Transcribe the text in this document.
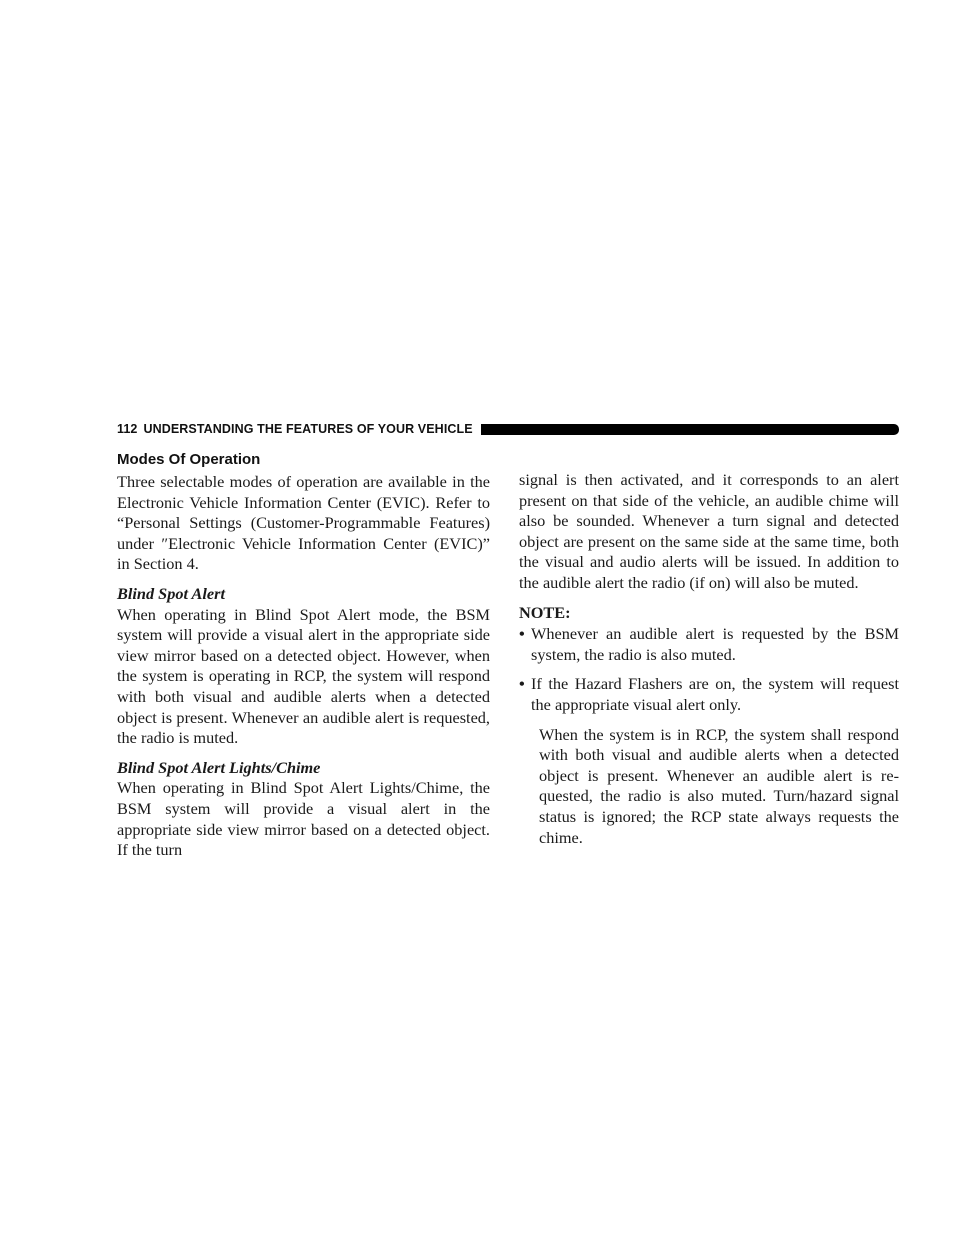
112 UNDERSTANDING THE FEATURES OF YOUR VEHICLE
Modes Of Operation

Three selectable modes of operation are available in the Electronic Vehicle Information Center (EVIC). Refer to “Personal Settings (Customer-Programmable Features) under ″Electronic Vehicle Information Center (EVIC)” in Section 4.

Blind Spot Alert

When operating in Blind Spot Alert mode, the BSM system will provide a visual alert in the appropriate side view mirror based on a detected object. However, when the system is operating in RCP, the system will respond with both visual and audible alerts when a detected object is present. Whenever an audible alert is requested, the radio is muted.

Blind Spot Alert Lights/Chime

When operating in Blind Spot Alert Lights/Chime, the BSM system will provide a visual alert in the appropriate side view mirror based on a detected object. If the turn

signal is then activated, and it corresponds to an alert present on that side of the vehicle, an audible chime will also be sounded. Whenever a turn signal and detected object are present on the same side at the same time, both the visual and audio alerts will be issued. In addition to the audible alert the radio (if on) will also be muted.

NOTE:

• Whenever an audible alert is requested by the BSM system, the radio is also muted.
• If the Hazard Flashers are on, the system will request the appropriate visual alert only.

When the system is in RCP, the system shall respond with both visual and audible alerts when a detected object is present. Whenever an audible alert is re-quested, the radio is also muted. Turn/hazard signal status is ignored; the RCP state always requests the chime.
